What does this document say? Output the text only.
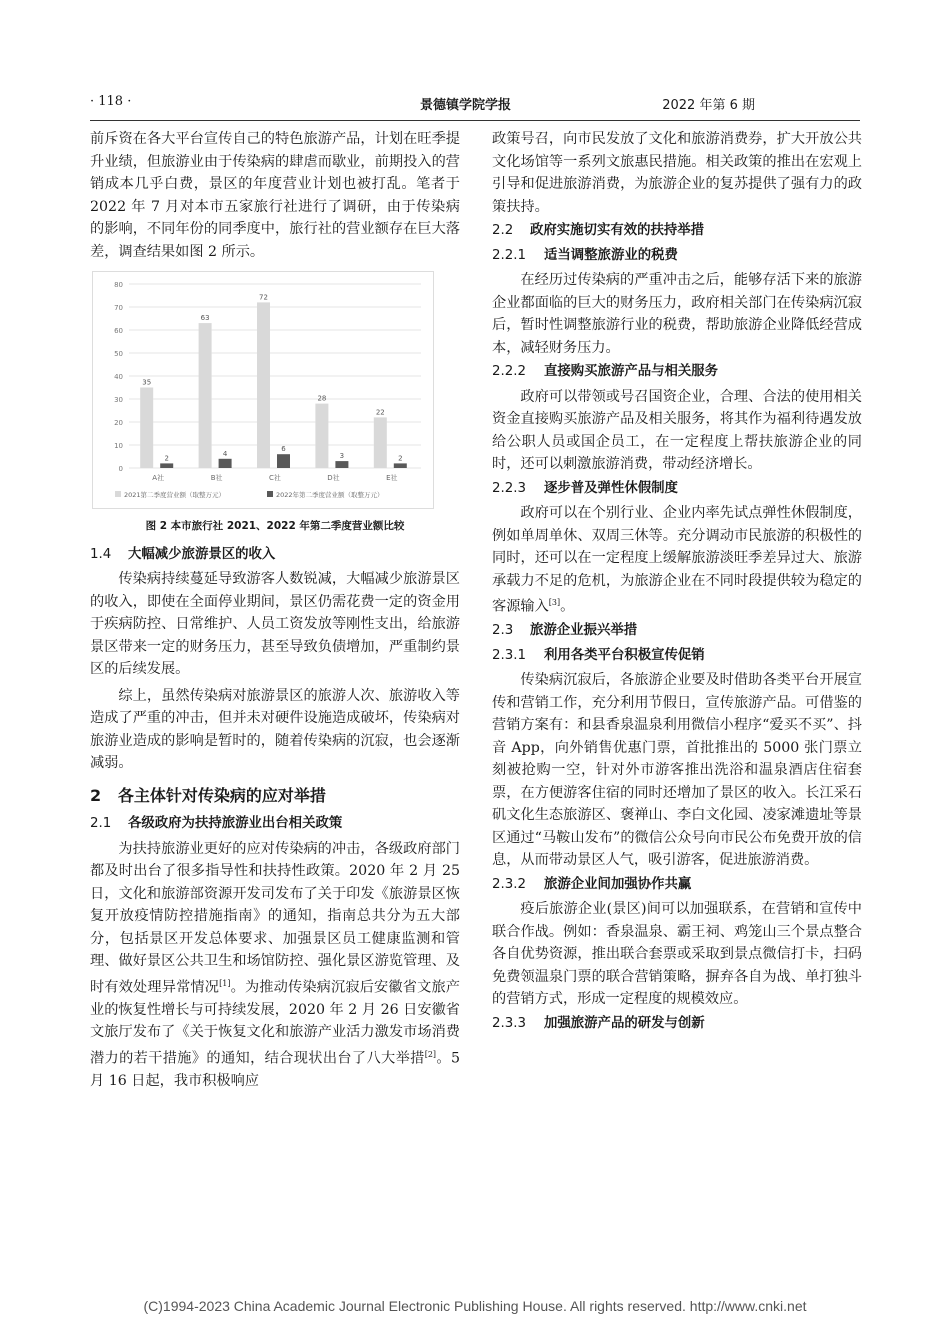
· 118 ·	景德镇学院学报	2022 年第 6 期

前斥资在各大平台宣传自己的特色旅游产品，计划在旺季提升业绩，但旅游业由于传染病的肆虐而歇业，前期投入的营销成本几乎白费，景区的年度营业计划也被打乱。笔者于 2022 年 7 月对本市五家旅行社进行了调研，由于传染病的影响，不同年份的同季度中，旅行社的营业额存在巨大落差，调查结果如图 2 所示。

0
10
20
30
40
50
60
70
80
35
2
A社
63
4
B社
72
6
C社
28
3
D社
22
2
E社
2021第二季度营业额（取整万元）	2022年第二季度营业额（取整万元）
图 2 本市旅行社 2021、2022 年第二季度营业额比较
1.4 大幅减少旅游景区的收入

传染病持续蔓延导致游客人数锐减，大幅减少旅游景区的收入，即使在全面停业期间，景区仍需花费一定的资金用于疾病防控、日常维护、人员工资发放等刚性支出，给旅游景区带来一定的财务压力，甚至导致负债增加，严重制约景区的后续发展。

综上，虽然传染病对旅游景区的旅游人次、旅游收入等造成了严重的冲击，但并未对硬件设施造成破坏，传染病对旅游业造成的影响是暂时的，随着传染病的沉寂，也会逐渐减弱。

2 各主体针对传染病的应对举措
2.1 各级政府为扶持旅游业出台相关政策

为扶持旅游业更好的应对传染病的冲击，各级政府部门都及时出台了很多指导性和扶持性政策。2020 年 2 月 25 日，文化和旅游部资源开发司发布了关于印发《旅游景区恢复开放疫情防控措施指南》的通知，指南总共分为五大部分，包括景区开发总体要求、加强景区员工健康监测和管理、做好景区公共卫生和场馆防控、强化景区游览管理、及时有效处理异常情况[1]。为推动传染病沉寂后安徽省文旅产业的恢复性增长与可持续发展，2020 年 2 月 26 日安徽省文旅厅发布了《关于恢复文化和旅游产业活力激发市场消费潜力的若干措施》的通知，结合现状出台了八大举措[2]。5 月 16 日起，我市积极响应

政策号召，向市民发放了文化和旅游消费券，扩大开放公共文化场馆等一系列文旅惠民措施。相关政策的推出在宏观上引导和促进旅游消费，为旅游企业的复苏提供了强有力的政策扶持。

2.2 政府实施切实有效的扶持举措
2.2.1 适当调整旅游业的税费

在经历过传染病的严重冲击之后，能够存活下来的旅游企业都面临的巨大的财务压力，政府相关部门在传染病沉寂后，暂时性调整旅游行业的税费，帮助旅游企业降低经营成本，减轻财务压力。

2.2.2 直接购买旅游产品与相关服务

政府可以带领或号召国资企业，合理、合法的使用相关资金直接购买旅游产品及相关服务，将其作为福利待遇发放给公职人员或国企员工，在一定程度上帮扶旅游企业的同时，还可以刺激旅游消费，带动经济增长。

2.2.3 逐步普及弹性休假制度

政府可以在个别行业、企业内率先试点弹性休假制度，例如单周单休、双周三休等。充分调动市民旅游的积极性的同时，还可以在一定程度上缓解旅游淡旺季差异过大、旅游承载力不足的危机，为旅游企业在不同时段提供较为稳定的客源输入[3]。

2.3 旅游企业振兴举措
2.3.1 利用各类平台积极宣传促销

传染病沉寂后，各旅游企业要及时借助各类平台开展宣传和营销工作，充分利用节假日，宣传旅游产品。可借鉴的营销方案有：和县香泉温泉利用微信小程序“爱买不买”、抖音 App，向外销售优惠门票，首批推出的 5000 张门票立刻被抢购一空，针对外市游客推出洗浴和温泉酒店住宿套票，在方便游客住宿的同时还增加了景区的收入。长江采石矶文化生态旅游区、褒禅山、李白文化园、凌家滩遗址等景区通过“马鞍山发布”的微信公众号向市民公布免费开放的信息，从而带动景区人气，吸引游客，促进旅游消费。

2.3.2 旅游企业间加强协作共赢

疫后旅游企业(景区)间可以加强联系，在营销和宣传中联合作战。例如：香泉温泉、霸王祠、鸡笼山三个景点整合各自优势资源，推出联合套票或采取到景点微信打卡，扫码免费领温泉门票的联合营销策略，摒弃各自为战、单打独斗的营销方式，形成一定程度的规模效应。

2.3.3 加强旅游产品的研发与创新
(C)1994-2023 China Academic Journal Electronic Publishing House. All rights reserved. http://www.cnki.net
